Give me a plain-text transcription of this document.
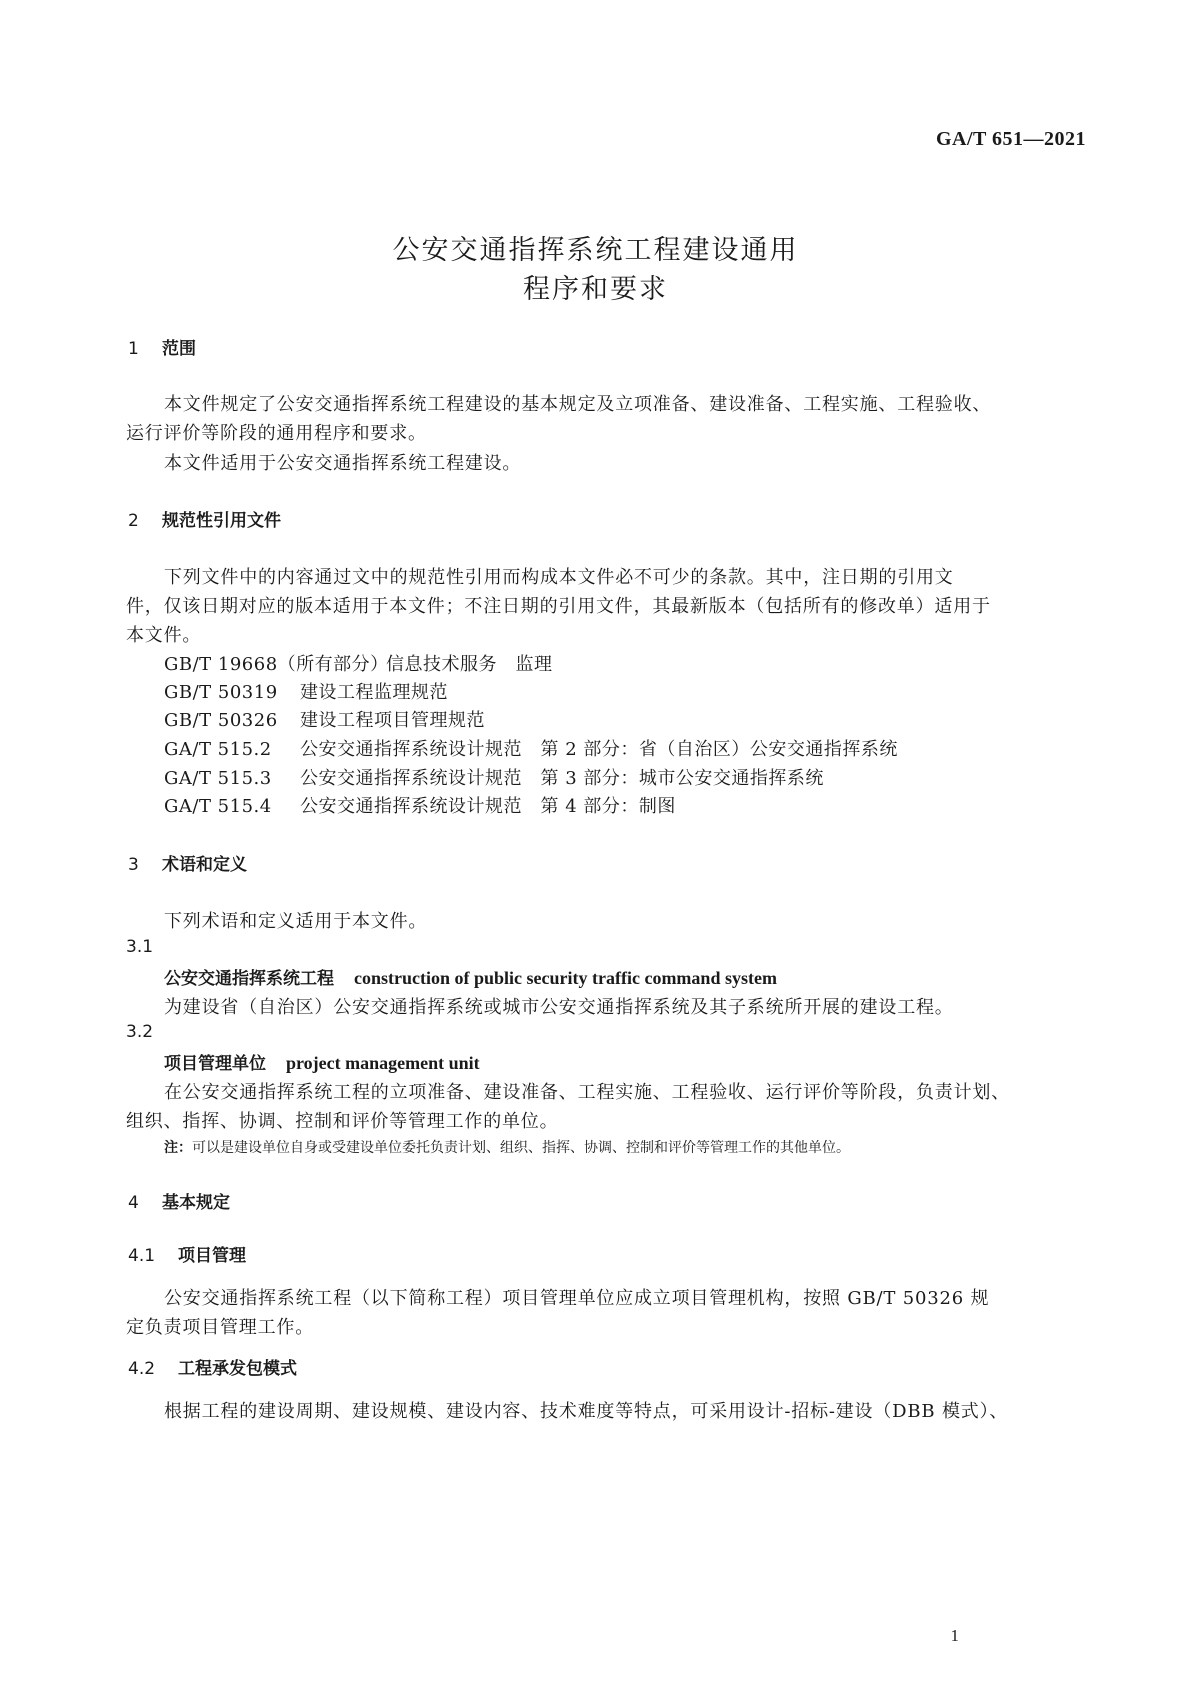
GA/T 651—2021
公安交通指挥系统工程建设通用
程序和要求
1 范围
本文件规定了公安交通指挥系统工程建设的基本规定及立项准备、建设准备、工程实施、工程验收、
运行评价等阶段的通用程序和要求。
本文件适用于公安交通指挥系统工程建设。
2 规范性引用文件
下列文件中的内容通过文中的规范性引用而构成本文件必不可少的条款。其中，注日期的引用文
件，仅该日期对应的版本适用于本文件；不注日期的引用文件，其最新版本（包括所有的修改单）适用于
本文件。
GB/T 19668（所有部分）信息技术服务　监理
GB/T 50319 建设工程监理规范
GB/T 50326 建设工程项目管理规范
GA/T 515.2 公安交通指挥系统设计规范　第 2 部分：省（自治区）公安交通指挥系统
GA/T 515.3 公安交通指挥系统设计规范　第 3 部分：城市公安交通指挥系统
GA/T 515.4 公安交通指挥系统设计规范　第 4 部分：制图
3 术语和定义
下列术语和定义适用于本文件。
3.1
公安交通指挥系统工程 construction of public security traffic command system
为建设省（自治区）公安交通指挥系统或城市公安交通指挥系统及其子系统所开展的建设工程。
3.2
项目管理单位 project management unit
在公安交通指挥系统工程的立项准备、建设准备、工程实施、工程验收、运行评价等阶段，负责计划、
组织、指挥、协调、控制和评价等管理工作的单位。
注：可以是建设单位自身或受建设单位委托负责计划、组织、指挥、协调、控制和评价等管理工作的其他单位。
4 基本规定
4.1 项目管理
公安交通指挥系统工程（以下简称工程）项目管理单位应成立项目管理机构，按照 GB/T 50326 规
定负责项目管理工作。
4.2 工程承发包模式
根据工程的建设周期、建设规模、建设内容、技术难度等特点，可采用设计-招标-建设（DBB 模式）、
1
